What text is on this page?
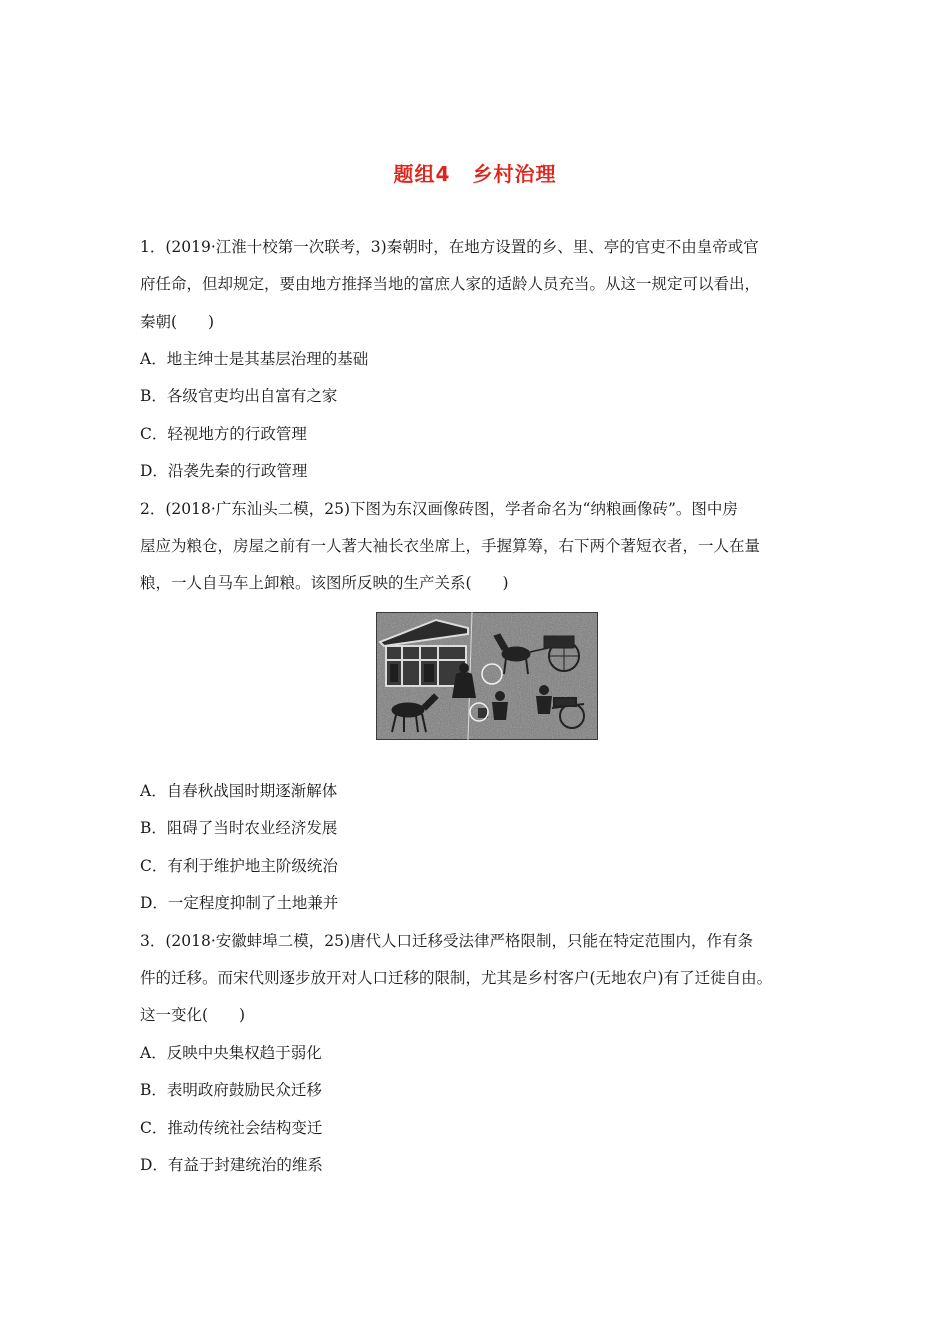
题组4 乡村治理
1．(2019·江淮十校第一次联考，3)秦朝时，在地方设置的乡、里、亭的官吏不由皇帝或官
府任命，但却规定，要由地方推择当地的富庶人家的适龄人员充当。从这一规定可以看出，
秦朝(　　)
A．地主绅士是其基层治理的基础
B．各级官吏均出自富有之家
C．轻视地方的行政管理
D．沿袭先秦的行政管理
2．(2018·广东汕头二模，25)下图为东汉画像砖图，学者命名为“纳粮画像砖”。图中房
屋应为粮仓，房屋之前有一人著大袖长衣坐席上，手握算筹，右下两个著短衣者，一人在量
粮，一人自马车上卸粮。该图所反映的生产关系(　　)
A．自春秋战国时期逐渐解体
B．阻碍了当时农业经济发展
C．有利于维护地主阶级统治
D．一定程度抑制了土地兼并
3．(2018·安徽蚌埠二模，25)唐代人口迁移受法律严格限制，只能在特定范围内，作有条
件的迁移。而宋代则逐步放开对人口迁移的限制，尤其是乡村客户(无地农户)有了迁徙自由。
这一变化(　　)
A．反映中央集权趋于弱化
B．表明政府鼓励民众迁移
C．推动传统社会结构变迁
D．有益于封建统治的维系
